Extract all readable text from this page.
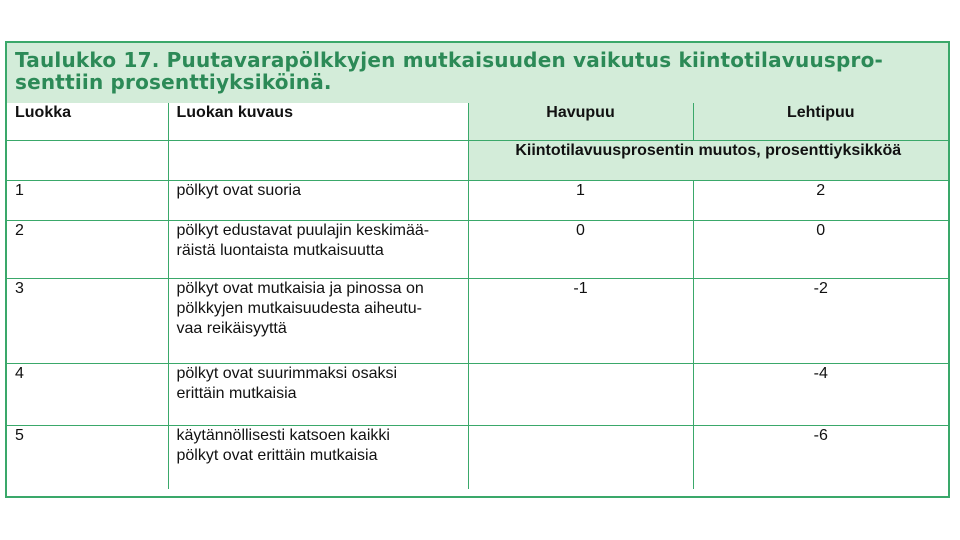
Taulukko 17. Puutavarapölkkyjen mutkaisuuden vaikutus kiintotilavuuspro-
senttiin prosenttiyksiköinä.
Luokka	Luokan kuvaus	Havupuu	Lehtipuu
		Kiintotilavuusprosentin muutos, prosenttiyksikköä	
1	pölkyt ovat suoria	1	2
2	pölkyt edustavat puulajin keskimää-
räistä luontaista mutkaisuutta	0	0
3	pölkyt ovat mutkaisia ja pinossa on
pölkkyjen mutkaisuudesta aiheutu-
vaa reikäisyyttä	-1	-2
4	pölkyt ovat suurimmaksi osaksi
erittäin mutkaisia		-4
5	käytännöllisesti katsoen kaikki
pölkyt ovat erittäin mutkaisia		-6
